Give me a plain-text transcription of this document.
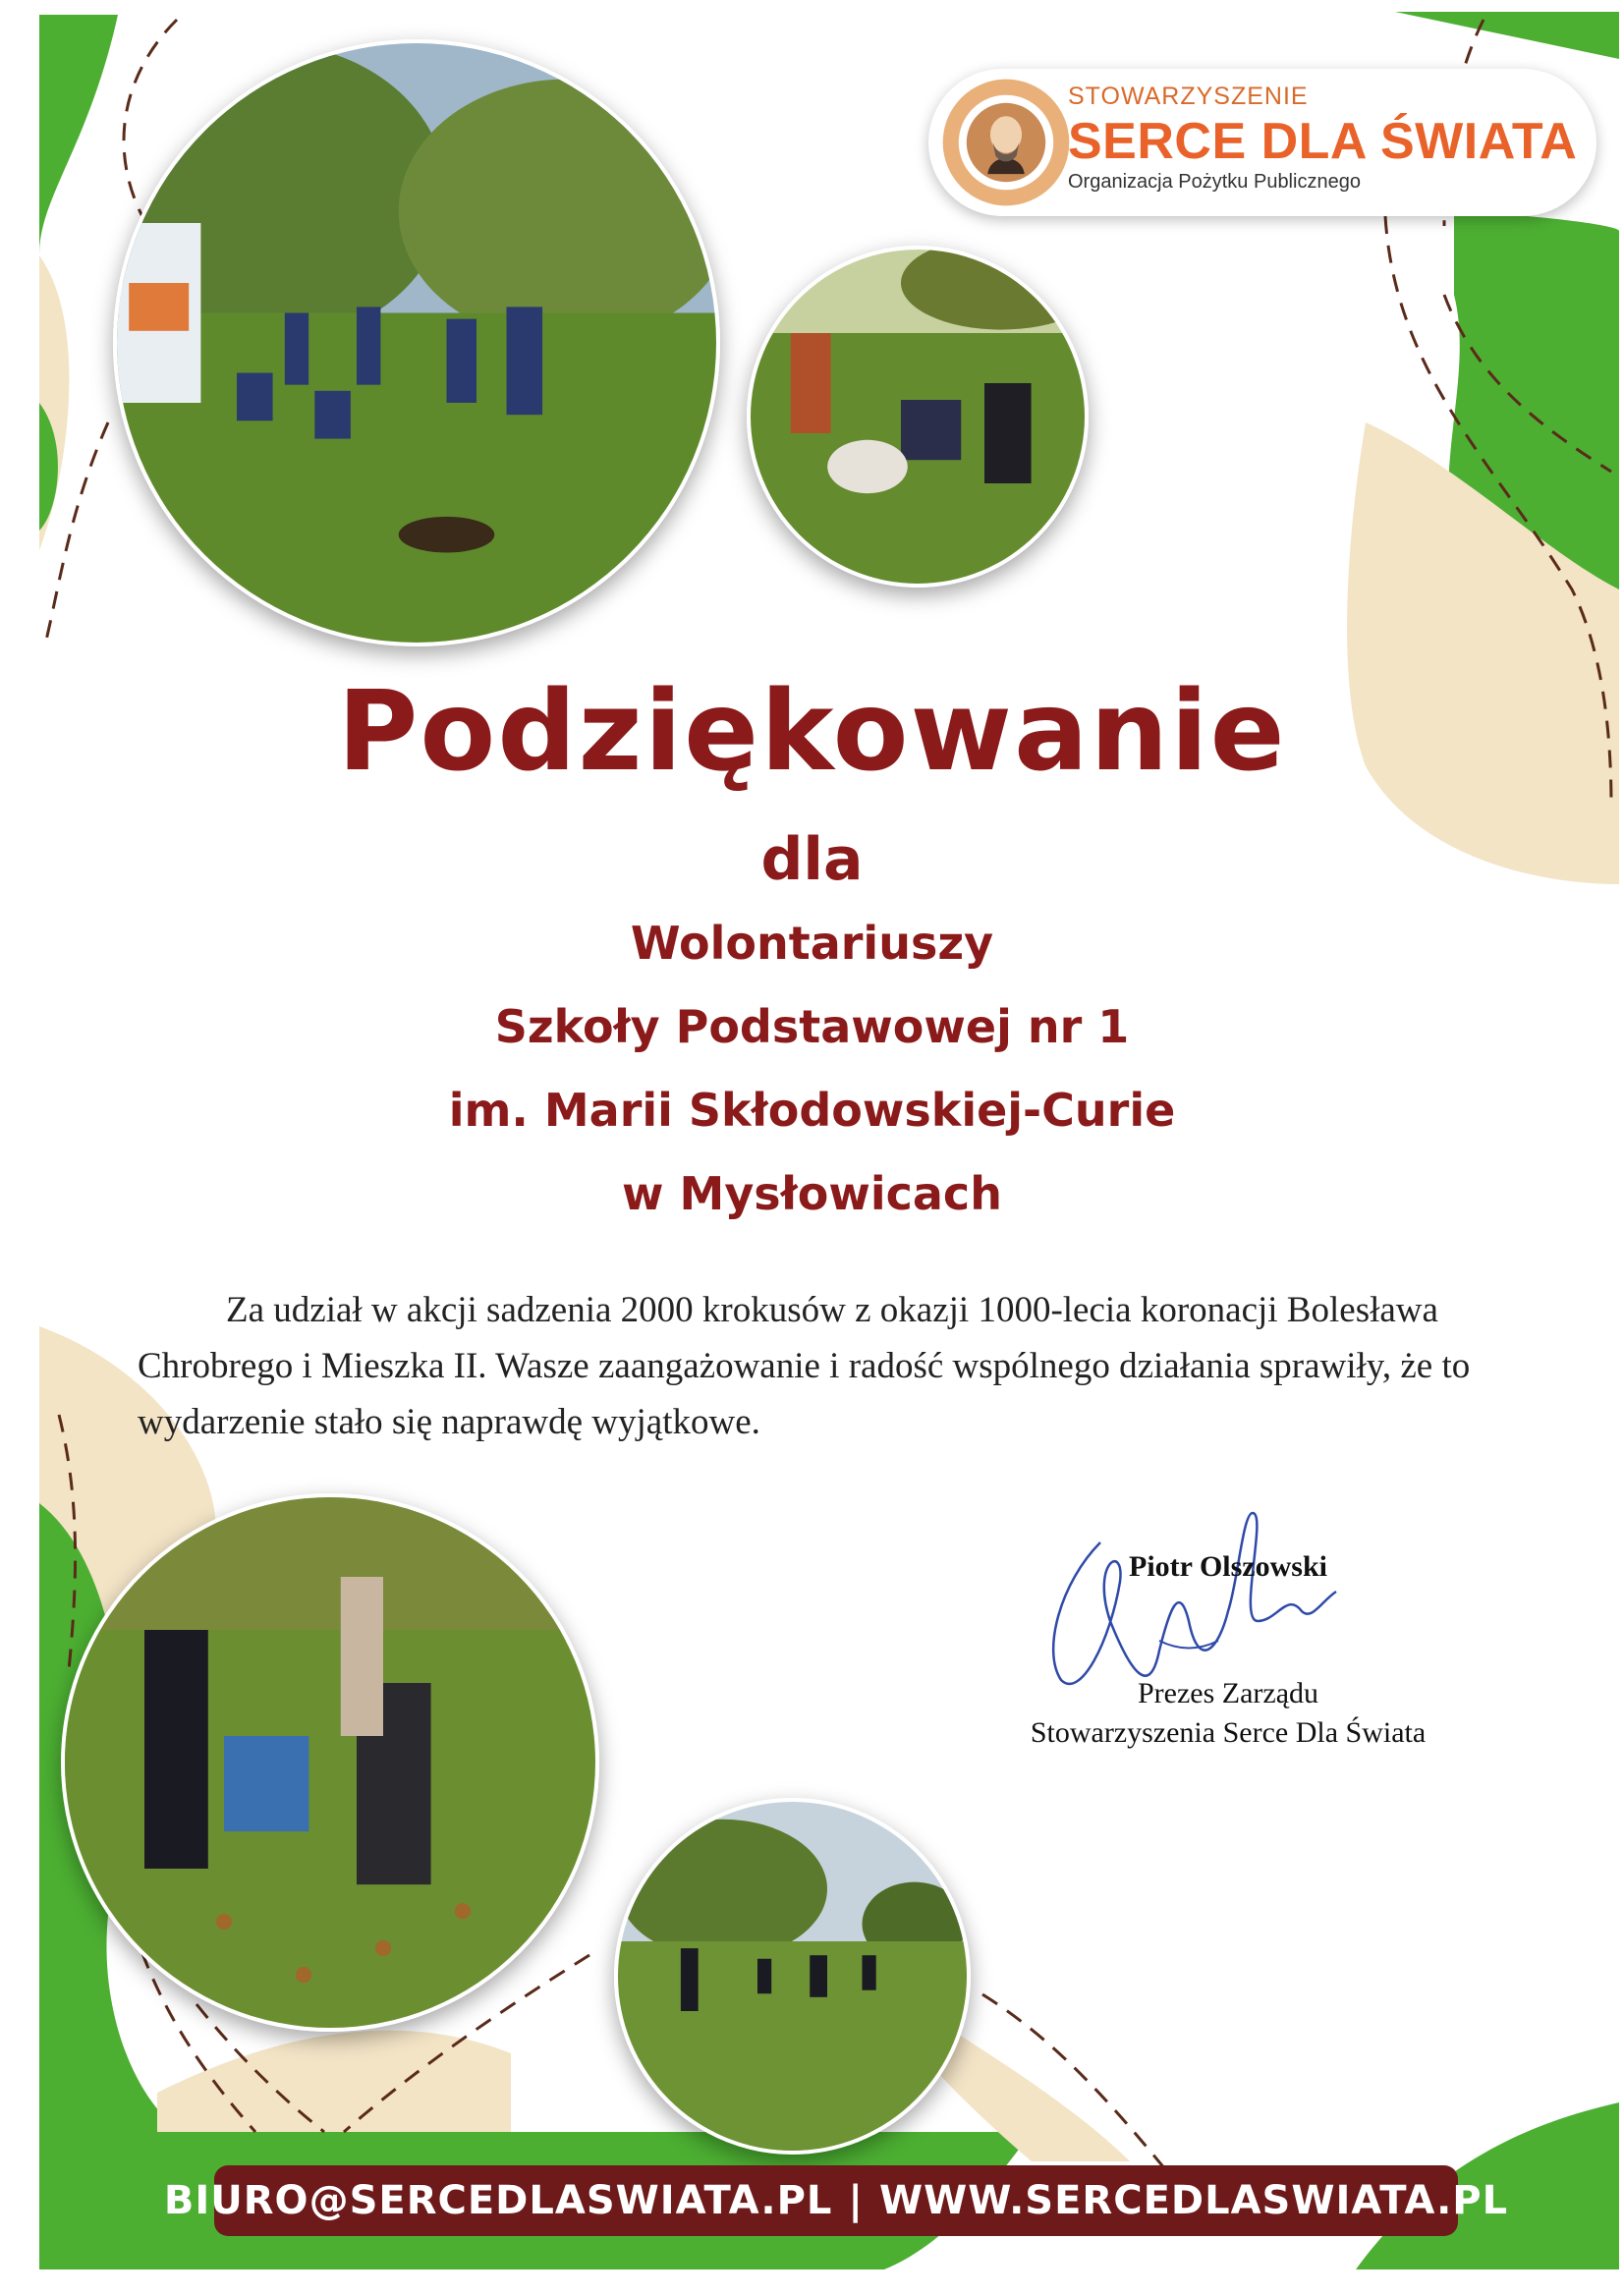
STOWARZYSZENIE
SERCE DLA ŚWIATA
Organizacja Pożytku Publicznego
Podziękowanie
dla
Wolontariuszy
Szkoły Podstawowej nr 1
im. Marii Skłodowskiej-Curie
w Mysłowicach
Za udział w akcji sadzenia 2000 krokusów z okazji 1000-lecia koronacji Bolesława Chrobrego i Mieszka II. Wasze zaangażowanie i radość wspólnego działania sprawiły, że to wydarzenie stało się naprawdę wyjątkowe.
Piotr Olszowski
Prezes Zarządu
Stowarzyszenia Serce Dla Świata
BIURO@SERCEDLASWIATA.PL | WWW.SERCEDLASWIATA.PL
